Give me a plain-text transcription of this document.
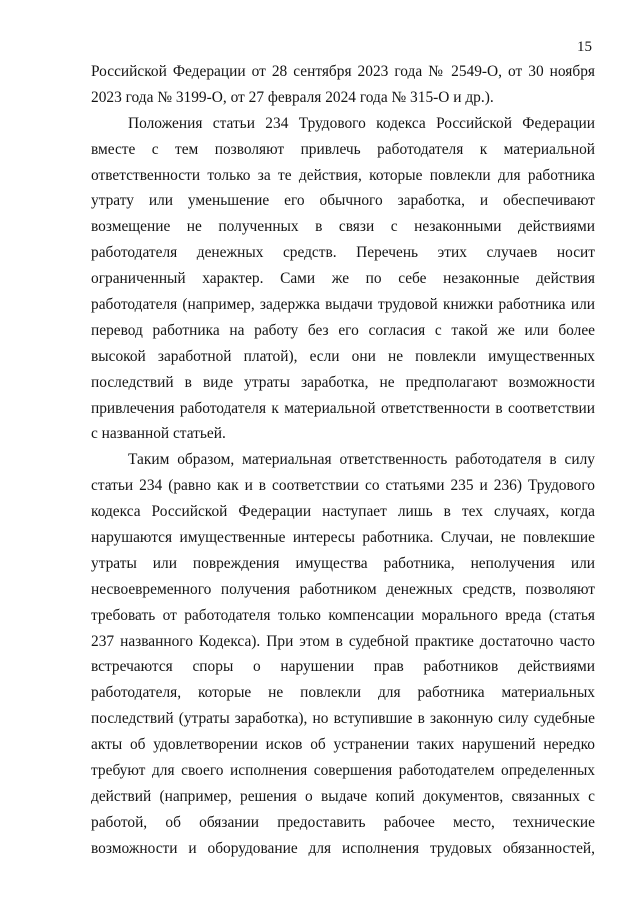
15
Российской Федерации от 28 сентября 2023 года № 2549-О, от 30 ноября
2023 года № 3199-О, от 27 февраля 2024 года № 315-О и др.).
Положения статьи 234 Трудового кодекса Российской Федерации
вместе с тем позволяют привлечь работодателя к материальной
ответственности только за те действия, которые повлекли для работника
утрату или уменьшение его обычного заработка, и обеспечивают
возмещение не полученных в связи с незаконными действиями
работодателя денежных средств. Перечень этих случаев носит
ограниченный характер. Сами же по себе незаконные действия
работодателя (например, задержка выдачи трудовой книжки работника или
перевод работника на работу без его согласия с такой же или более
высокой заработной платой), если они не повлекли имущественных
последствий в виде утраты заработка, не предполагают возможности
привлечения работодателя к материальной ответственности в соответствии
с названной статьей.
Таким образом, материальная ответственность работодателя в силу
статьи 234 (равно как и в соответствии со статьями 235 и 236) Трудового
кодекса Российской Федерации наступает лишь в тех случаях, когда
нарушаются имущественные интересы работника. Случаи, не повлекшие
утраты или повреждения имущества работника, неполучения или
несвоевременного получения работником денежных средств, позволяют
требовать от работодателя только компенсации морального вреда (статья
237 названного Кодекса). При этом в судебной практике достаточно часто
встречаются споры о нарушении прав работников действиями
работодателя, которые не повлекли для работника материальных
последствий (утраты заработка), но вступившие в законную силу судебные
акты об удовлетворении исков об устранении таких нарушений нередко
требуют для своего исполнения совершения работодателем определенных
действий (например, решения о выдаче копий документов, связанных с
работой, об обязании предоставить рабочее место, технические
возможности и оборудование для исполнения трудовых обязанностей,
